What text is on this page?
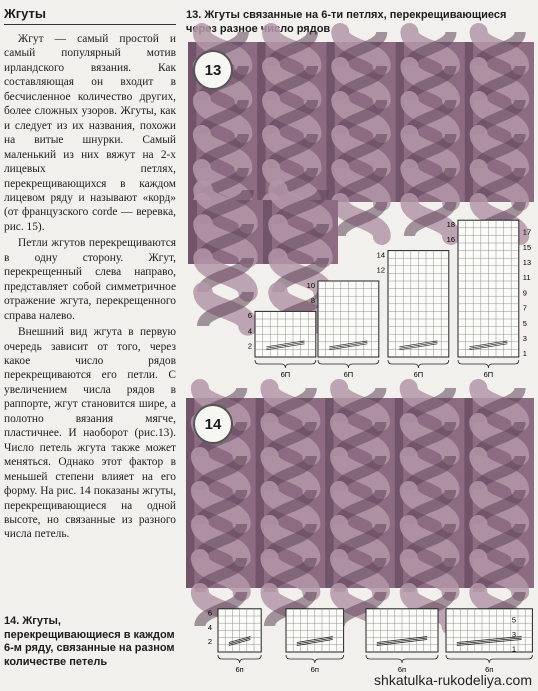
Жгуты

Жгут — самый простой и самый популярный мотив ирландского вязания. Как составляющая он входит в бесчисленное количество других, более сложных узоров. Жгуты, как и следует из их названия, похожи на витые шнурки. Самый маленький из них вяжут на 2-х лицевых петлях, перекрещивающихся в каждом лицевом ряду и называют «корд» (от французского corde — веревка, рис. 15).

Петли жгутов перекрещиваются в одну сторону. Жгут, перекрещенный слева направо, представляет собой симметричное отражение жгута, перекрещенного справа налево.

Внешний вид жгута в первую очередь зависит от того, через какое число рядов перекрещиваются его петли. С увеличением числа рядов в раппорте, жгут становится шире, а полотно вязания мягче, пластичнее. И наоборот (рис.13). Число петель жгута также может меняться. Однако этот фактор в меньшей степени влияет на его форму. На рис. 14 показаны жгуты, перекрещивающиеся на одной высоте, но связанные из разного числа петель.

13. Жгуты связанные на 6-ти петлях, перекрещивающиеся через разное число рядов
13
6П
6
4
2
6П
10
8
6П
14
12
6П
18
16
17
15
13
11
9
7
5
3
1
14
6п	6п	6п	6п
6
4
2
5
3
1
14. Жгуты, перекрещивающиеся в каждом 6-м ряду, связанные на разном количестве петель
shkatulka-rukodeliya.com
